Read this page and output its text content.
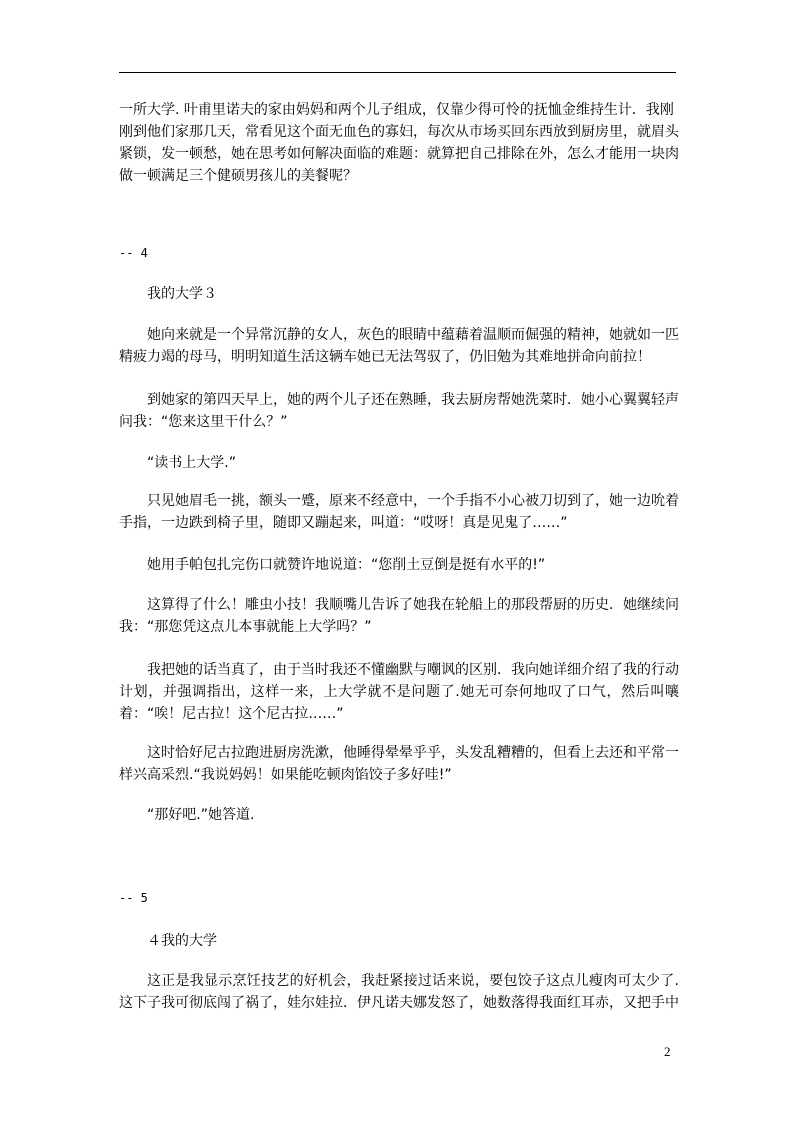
一所大学. 叶甫里诺夫的家由妈妈和两个儿子组成，仅靠少得可怜的抚恤金维持生计．我刚刚到他们家那几天，常看见这个面无血色的寡妇，每次从市场买回东西放到厨房里，就眉头紧锁，发一顿愁，她在思考如何解决面临的难题：就算把自己排除在外，怎么才能用一块肉做一顿满足三个健硕男孩儿的美餐呢？

-- 4

我的大学３

她向来就是一个异常沉静的女人，灰色的眼睛中蕴藉着温顺而倔强的精神，她就如一匹精疲力竭的母马，明明知道生活这辆车她已无法驾驭了，仍旧勉为其难地拼命向前拉！

到她家的第四天早上，她的两个儿子还在熟睡，我去厨房帮她洗菜时．她小心翼翼轻声问我：“您来这里干什么？”

“读书上大学.”

只见她眉毛一挑，额头一蹙，原来不经意中，一个手指不小心被刀切到了，她一边吮着手指，一边跌到椅子里，随即又蹦起来，叫道：“哎呀！真是见鬼了……”

她用手帕包扎完伤口就赞许地说道：“您削土豆倒是挺有水平的!”

这算得了什么！雕虫小技！我顺嘴儿告诉了她我在轮船上的那段帮厨的历史．她继续问我：“那您凭这点儿本事就能上大学吗？”

我把她的话当真了，由于当时我还不懂幽默与嘲讽的区别．我向她详细介绍了我的行动计划，并强调指出，这样一来，上大学就不是问题了.她无可奈何地叹了口气，然后叫嚷着：“唉！尼古拉！这个尼古拉……”

这时恰好尼古拉跑进厨房洗漱，他睡得晕晕乎乎，头发乱糟糟的，但看上去还和平常一样兴高采烈.“我说妈妈！如果能吃顿肉馅饺子多好哇!”

“那好吧.”她答道.

-- 5

４我的大学

这正是我显示烹饪技艺的好机会，我赶紧接过话来说，要包饺子这点儿瘦肉可太少了.这下子我可彻底闯了祸了，娃尔娃拉．伊凡诺夫娜发怒了，她数落得我面红耳赤，又把手中

2
